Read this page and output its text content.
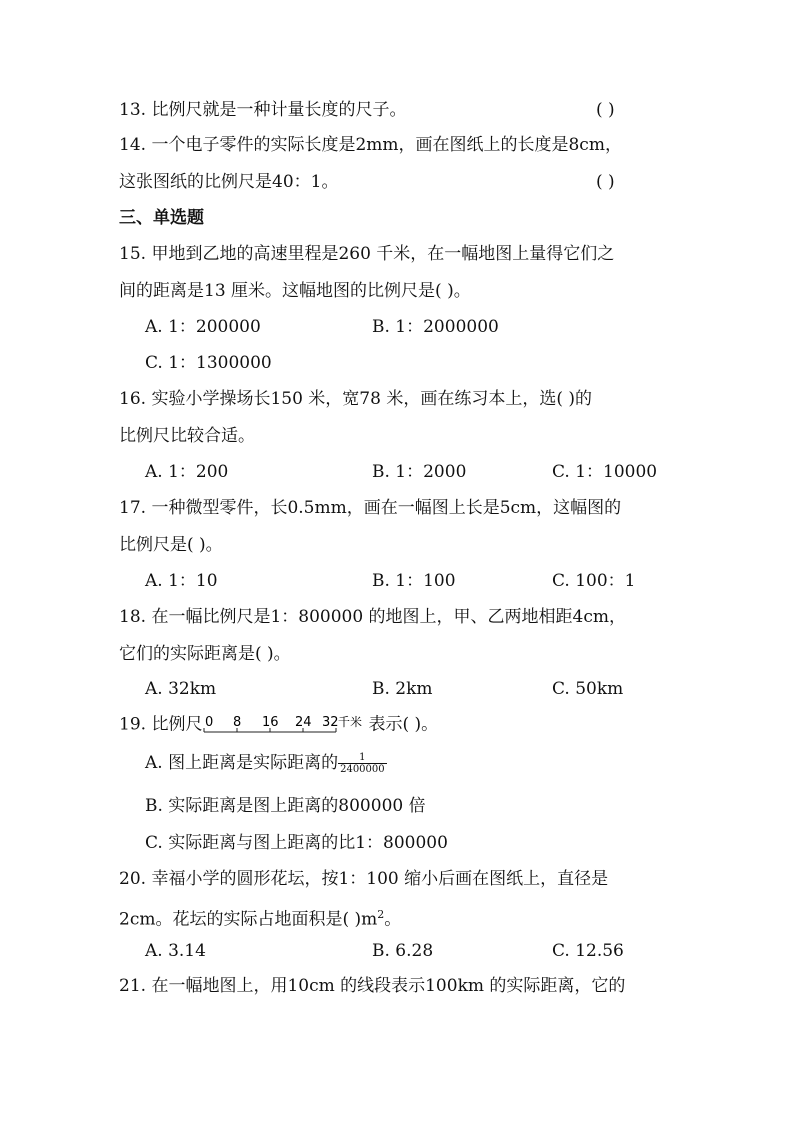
13. 比例尺就是一种计量长度的尺子。	( )
14. 一个电子零件的实际长度是2mm，画在图纸上的长度是8cm，
这张图纸的比例尺是40：1。	( )
三、单选题
15. 甲地到乙地的高速里程是260 千米，在一幅地图上量得它们之
间的距离是13 厘米。这幅地图的比例尺是( )。
A. 1：200000	B. 1：2000000
C. 1：1300000
16. 实验小学操场长150 米，宽78 米，画在练习本上，选( )的
比例尺比较合适。
A. 1：200	B. 1：2000	C. 1：10000
17. 一种微型零件，长0.5mm，画在一幅图上长是5cm，这幅图的
比例尺是( )。
A. 1：10	B. 1：100	C. 100：1
18. 在一幅比例尺是1：800000 的地图上，甲、乙两地相距4cm，
它们的实际距离是( )。
A. 32km	B. 2km	C. 50km
19. 比例尺 0 8 16 24 32 千米 表示( )。
A. 图上距离是实际距离的 $\frac{1}{2400000}$
B. 实际距离是图上距离的800000 倍
C. 实际距离与图上距离的比1：800000
20. 幸福小学的圆形花坛，按1：100 缩小后画在图纸上，直径是
2cm。花坛的实际占地面积是( )$m^2$。
A. 3.14	B. 6.28	C. 12.56
21. 在一幅地图上，用10cm 的线段表示100km 的实际距离，它的
